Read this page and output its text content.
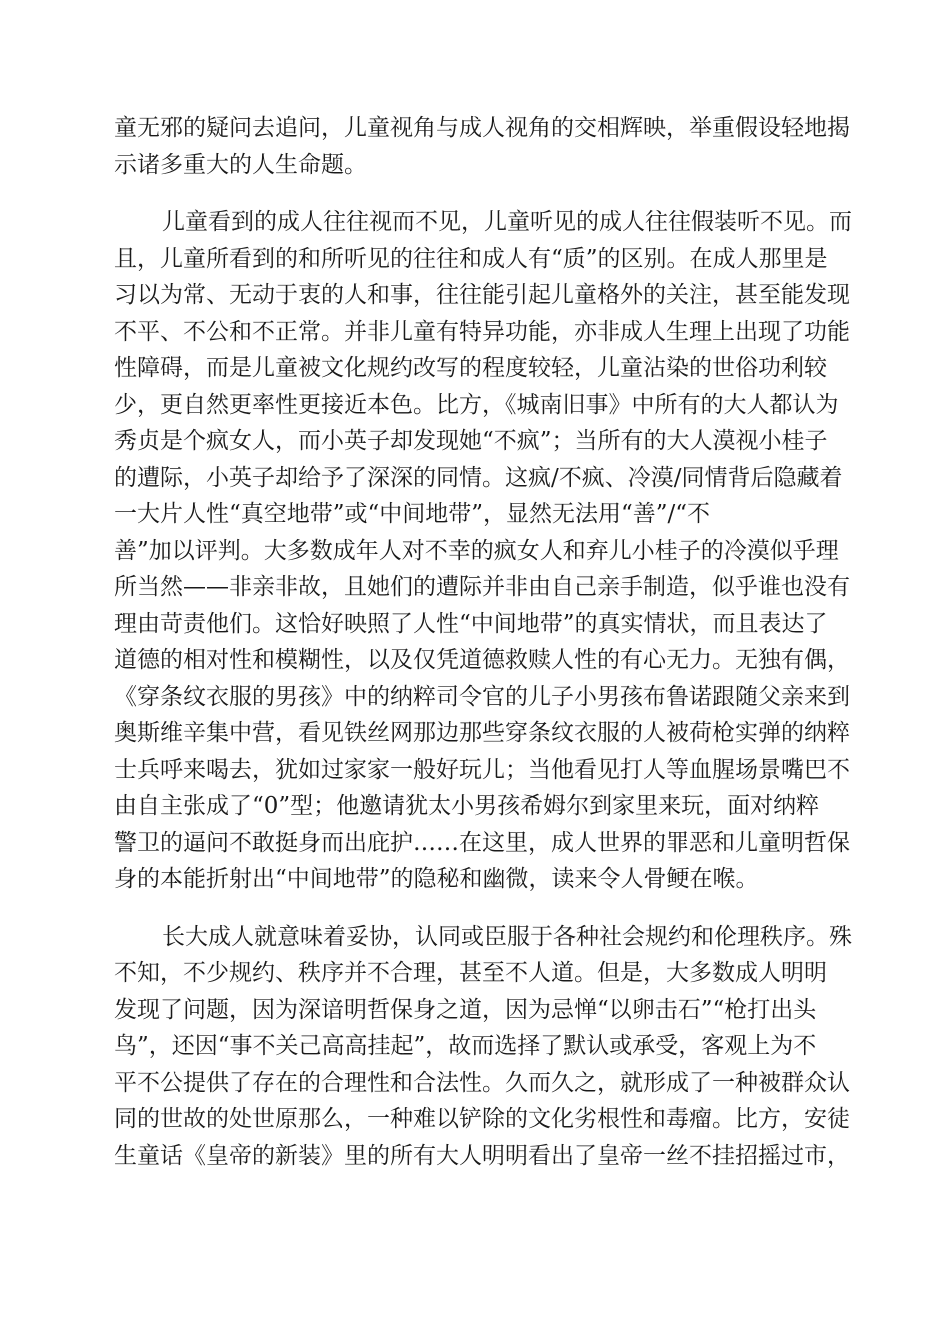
童无邪的疑问去追问，儿童视角与成人视角的交相辉映，举重假设轻地揭
示诸多重大的人生命题。
儿童看到的成人往往视而不见，儿童听见的成人往往假装听不见。而
且，儿童所看到的和所听见的往往和成人有“质”的区别。在成人那里是
习以为常、无动于衷的人和事，往往能引起儿童格外的关注，甚至能发现
不平、不公和不正常。并非儿童有特异功能，亦非成人生理上出现了功能
性障碍，而是儿童被文化规约改写的程度较轻，儿童沾染的世俗功利较
少，更自然更率性更接近本色。比方，《城南旧事》中所有的大人都认为
秀贞是个疯女人，而小英子却发现她“不疯”；当所有的大人漠视小桂子
的遭际，小英子却给予了深深的同情。这疯/不疯、冷漠/同情背后隐藏着
一大片人性“真空地带”或“中间地带”，显然无法用“善”/“不
善”加以评判。大多数成年人对不幸的疯女人和弃儿小桂子的冷漠似乎理
所当然——非亲非故，且她们的遭际并非由自己亲手制造，似乎谁也没有
理由苛责他们。这恰好映照了人性“中间地带”的真实情状，而且表达了
道德的相对性和模糊性，以及仅凭道德救赎人性的有心无力。无独有偶，
《穿条纹衣服的男孩》中的纳粹司令官的儿子小男孩布鲁诺跟随父亲来到
奥斯维辛集中营，看见铁丝网那边那些穿条纹衣服的人被荷枪实弹的纳粹
士兵呼来喝去，犹如过家家一般好玩儿；当他看见打人等血腥场景嘴巴不
由自主张成了“0”型；他邀请犹太小男孩希姆尔到家里来玩，面对纳粹
警卫的逼问不敢挺身而出庇护……在这里，成人世界的罪恶和儿童明哲保
身的本能折射出“中间地带”的隐秘和幽微，读来令人骨鲠在喉。
长大成人就意味着妥协，认同或臣服于各种社会规约和伦理秩序。殊
不知，不少规约、秩序并不合理，甚至不人道。但是，大多数成人明明
发现了问题，因为深谙明哲保身之道，因为忌惮“以卵击石”“枪打出头
鸟”，还因“事不关己高高挂起”，故而选择了默认或承受，客观上为不
平不公提供了存在的合理性和合法性。久而久之，就形成了一种被群众认
同的世故的处世原那么，一种难以铲除的文化劣根性和毒瘤。比方，安徒
生童话《皇帝的新装》里的所有大人明明看出了皇帝一丝不挂招摇过市，
